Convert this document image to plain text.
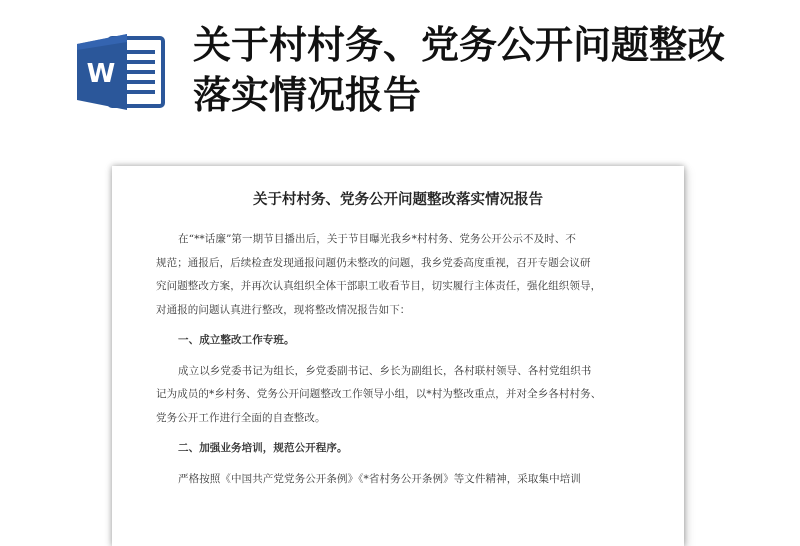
W
关于村村务、党务公开问题整改
落实情况报告
关于村村务、党务公开问题整改落实情况报告
在“**话廉”第一期节目播出后，关于节目曝光我乡*村村务、党务公开公示不及时、不
规范；通报后，后续检查发现通报问题仍未整改的问题，我乡党委高度重视，召开专题会议研
究问题整改方案，并再次认真组织全体干部职工收看节目，切实履行主体责任，强化组织领导，
对通报的问题认真进行整改，现将整改情况报告如下：
一、成立整改工作专班。
成立以乡党委书记为组长，乡党委副书记、乡长为副组长，各村联村领导、各村党组织书
记为成员的*乡村务、党务公开问题整改工作领导小组，以*村为整改重点，并对全乡各村村务、
党务公开工作进行全面的自查整改。
二、加强业务培训，规范公开程序。
严格按照《中国共产党党务公开条例》《*省村务公开条例》等文件精神，采取集中培训
